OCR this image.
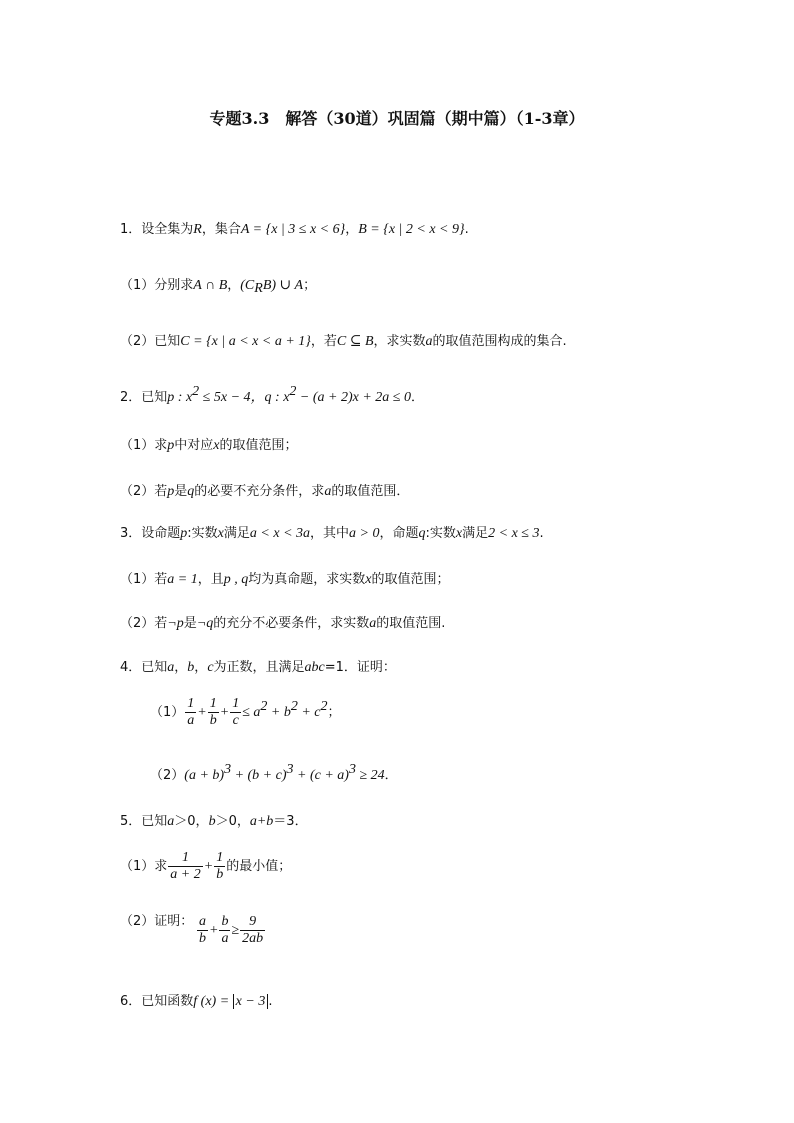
专题3.3　解答（30道）巩固篇（期中篇）（1-3章）
1．设全集为R，集合A = {x | 3 ≤ x < 6}，B = {x | 2 < x < 9}.
（1）分别求A ∩ B，(CRB) ∪ A；
（2）已知C = {x | a < x < a + 1}，若C ⊆ B，求实数a的取值范围构成的集合.
2．已知p : x2 ≤ 5x − 4，q : x2 − (a + 2)x + 2a ≤ 0．
（1）求p中对应x的取值范围；
（2）若p是q的必要不充分条件，求a的取值范围．
3．设命题p:实数x满足a < x < 3a，其中a > 0，命题q:实数x满足2 < x ≤ 3.
（1）若a = 1，且p , q均为真命题，求实数x的取值范围；
（2）若¬p是¬q的充分不必要条件，求实数a的取值范围.
4．已知a，b，c为正数，且满足abc=1．证明：
$(1) \frac{1}{a} + \frac{1}{b} + \frac{1}{c} \le a2 + b2 + c2$；
（2）(a + b)3 + (b + c)3 + (c + a)3 ≥ 24．
5．已知a＞0，b＞0，a+b＝3．
（1）求 $\frac{1}{a + 2} + \frac{1}{b}$ 的最小值；
（2）证明： $\frac{a}{b} + \frac{b}{a} \ge \frac{9}{2ab}$
6．已知函数f (x) = x − 3 .
